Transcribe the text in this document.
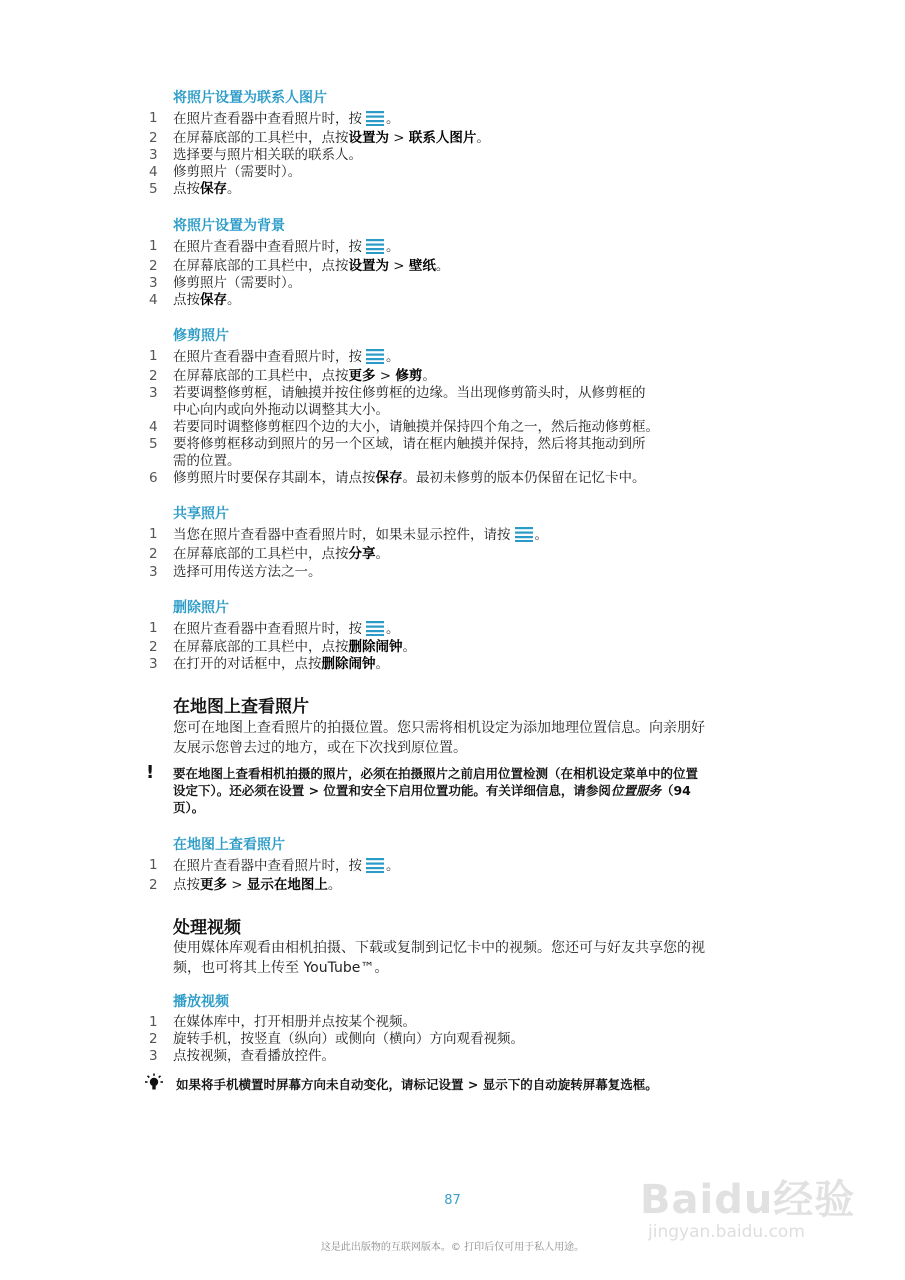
将照片设置为联系人图片
1	在照片查看器中查看照片时，按 。
2	在屏幕底部的工具栏中，点按设置为 > 联系人图片。
3	选择要与照片相关联的联系人。
4	修剪照片（需要时）。
5	点按保存。
将照片设置为背景
1	在照片查看器中查看照片时，按 。
2	在屏幕底部的工具栏中，点按设置为 > 壁纸。
3	修剪照片（需要时）。
4	点按保存。
修剪照片
1	在照片查看器中查看照片时，按 。
2	在屏幕底部的工具栏中，点按更多 > 修剪。
3	若要调整修剪框，请触摸并按住修剪框的边缘。当出现修剪箭头时，从修剪框的
中心向内或向外拖动以调整其大小。
4	若要同时调整修剪框四个边的大小，请触摸并保持四个角之一，然后拖动修剪框。
5	要将修剪框移动到照片的另一个区域，请在框内触摸并保持，然后将其拖动到所
需的位置。
6	修剪照片时要保存其副本，请点按保存。最初未修剪的版本仍保留在记忆卡中。
共享照片
1	当您在照片查看器中查看照片时，如果未显示控件，请按 。
2	在屏幕底部的工具栏中，点按分享。
3	选择可用传送方法之一。
删除照片
1	在照片查看器中查看照片时，按 。
2	在屏幕底部的工具栏中，点按删除闹钟。
3	在打开的对话框中，点按删除闹钟。
在地图上查看照片
您可在地图上查看照片的拍摄位置。您只需将相机设定为添加地理位置信息。向亲朋好
友展示您曾去过的地方，或在下次找到原位置。
! 要在地图上查看相机拍摄的照片，必须在拍摄照片之前启用位置检测（在相机设定菜单中的位置
设定下）。还必须在设置 > 位置和安全下启用位置功能。有关详细信息，请参阅位置服务（94
页）。
在地图上查看照片
1	在照片查看器中查看照片时，按 。
2	点按更多 > 显示在地图上。
处理视频
使用媒体库观看由相机拍摄、下载或复制到记忆卡中的视频。您还可与好友共享您的视
频，也可将其上传至 YouTube™。
播放视频
1	在媒体库中，打开相册并点按某个视频。
2	旋转手机，按竖直（纵向）或侧向（横向）方向观看视频。
3	点按视频，查看播放控件。
如果将手机横置时屏幕方向未自动变化，请标记设置 > 显示下的自动旋转屏幕复选框。
87
这是此出版物的互联网版本。© 打印后仅可用于私人用途。
Baidu经验
jingyan.baidu.com
